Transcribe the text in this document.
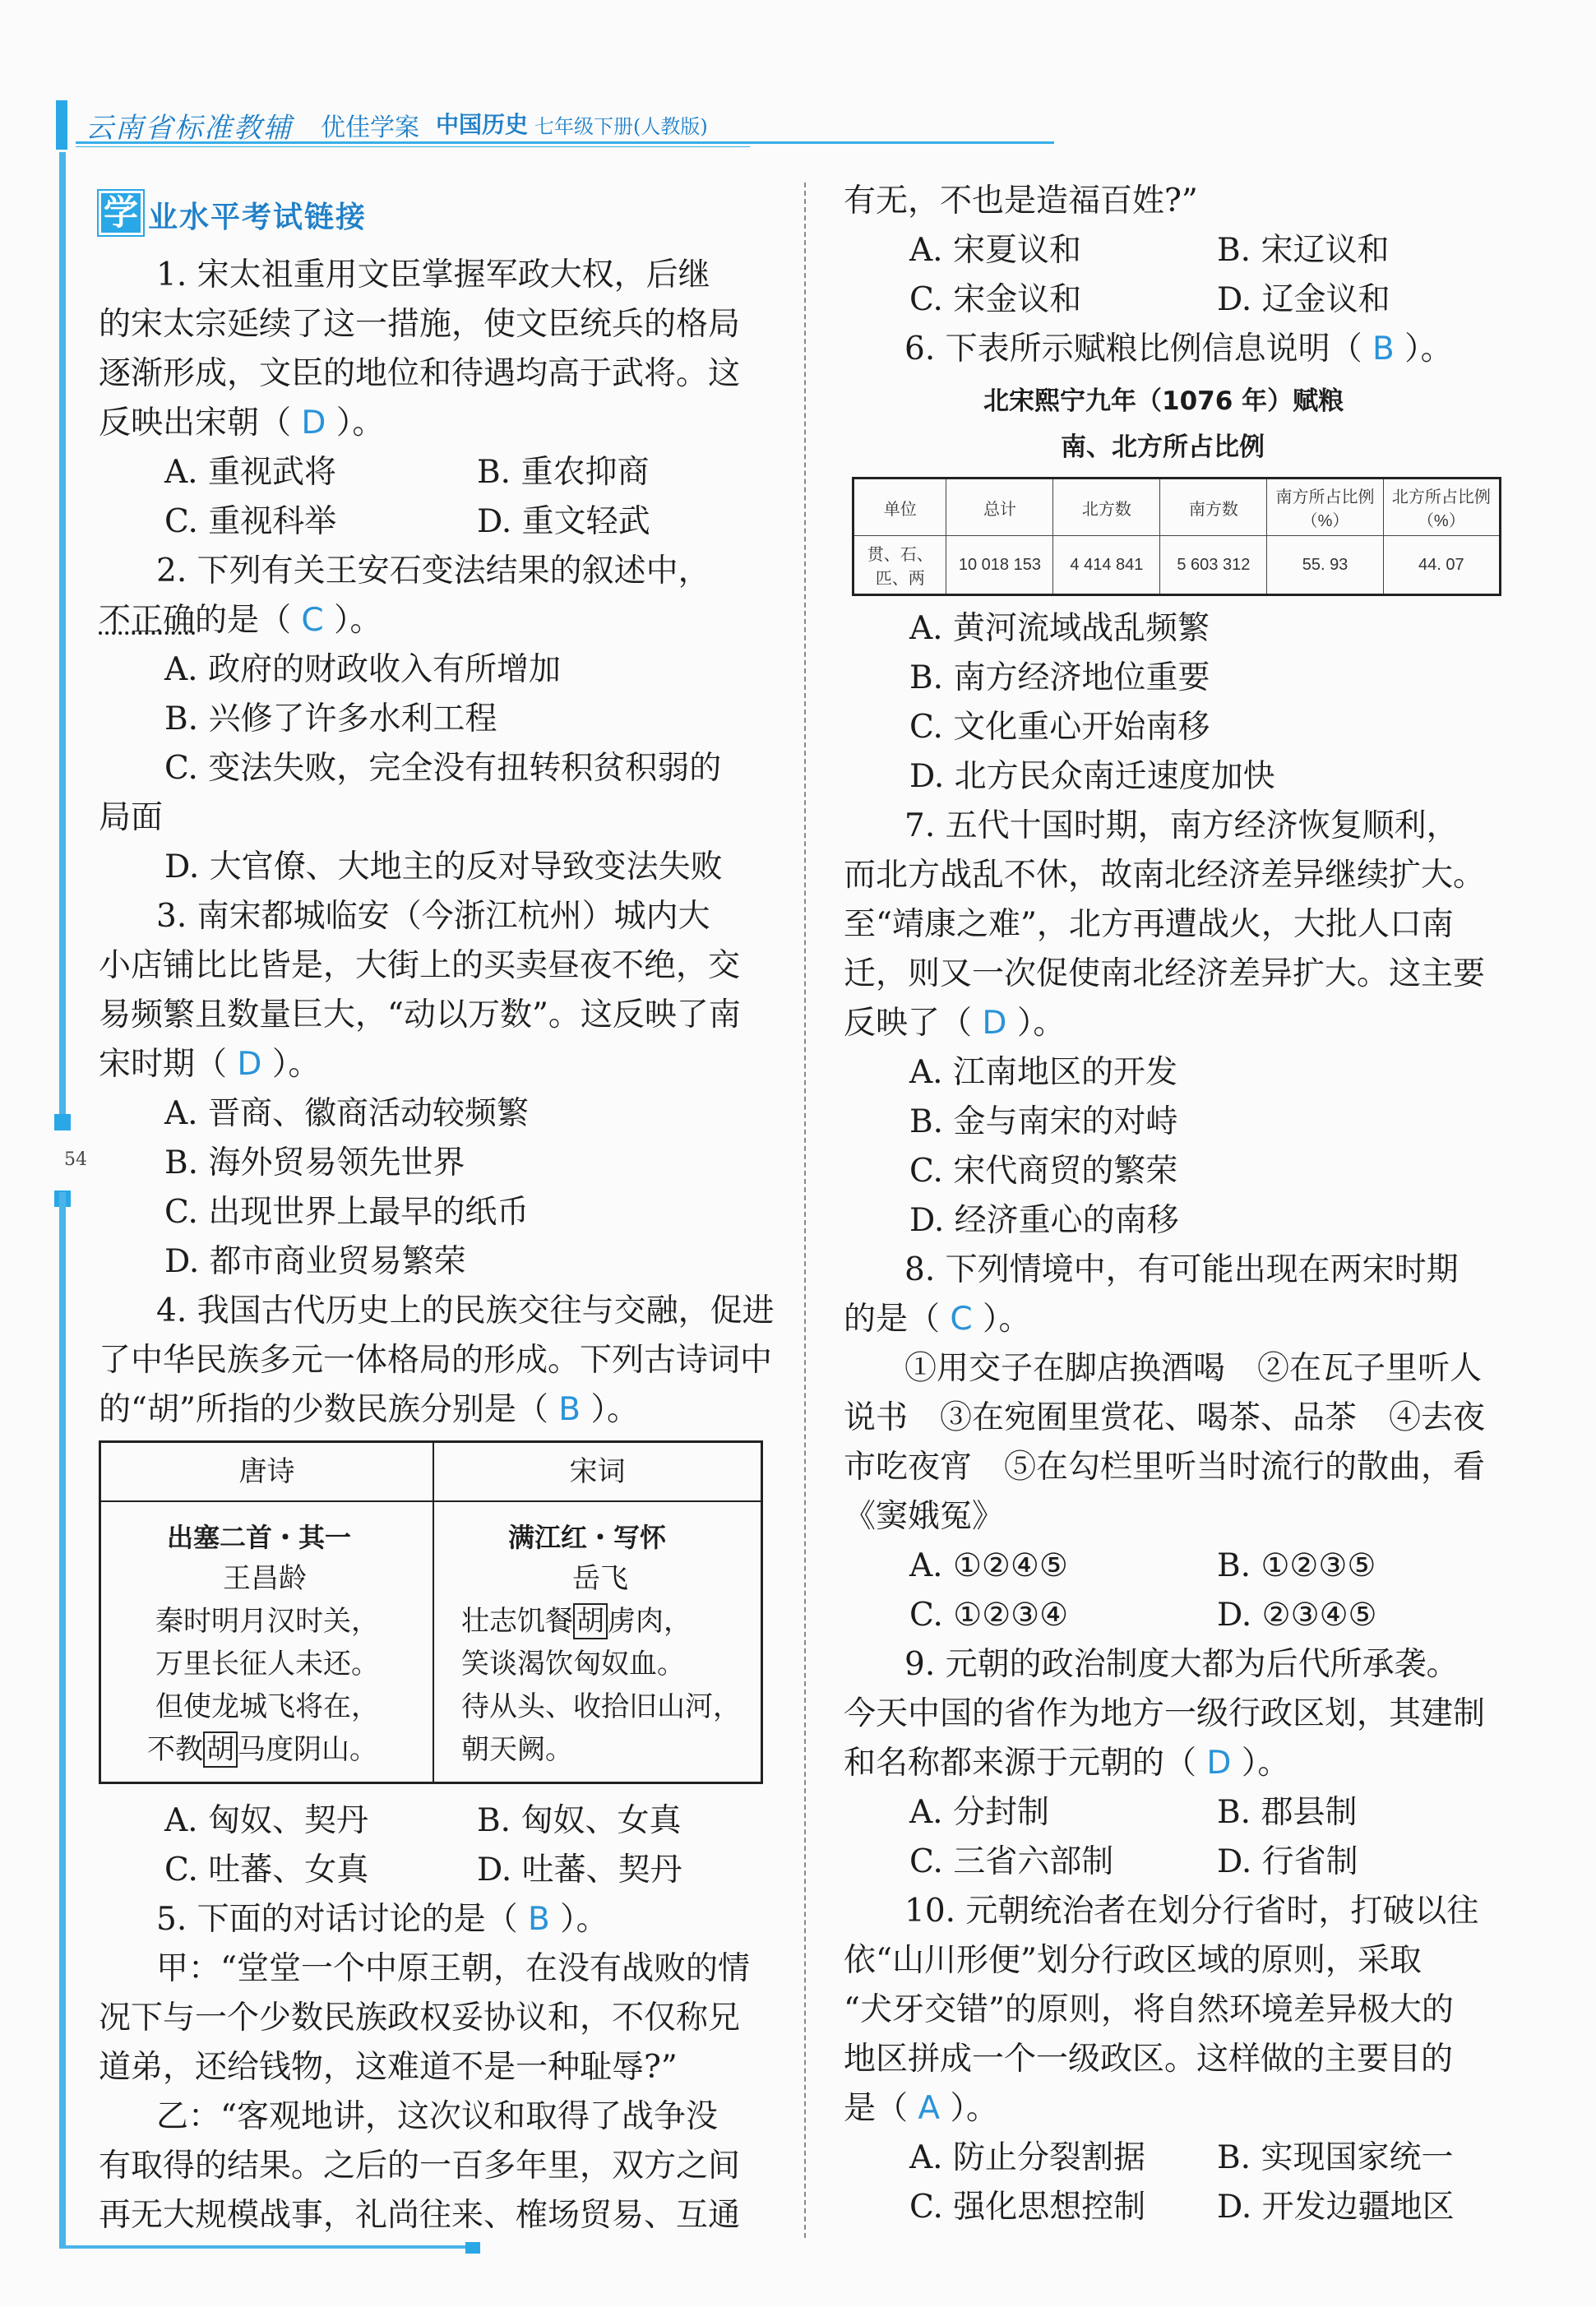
云南省标准教辅 优佳学案 中国历史 七年级下册(人教版)
54
学 业水平考试链接
1. 宋太祖重用文臣掌握军政大权，后继
的宋太宗延续了这一措施，使文臣统兵的格局
逐渐形成，文臣的地位和待遇均高于武将。这
反映出宋朝（ D ）。
A. 重视武将	B. 重农抑商
C. 重视科举	D. 重文轻武
2. 下列有关王安石变法结果的叙述中，
不正确的是（ C ）。
A. 政府的财政收入有所增加
B. 兴修了许多水利工程
C. 变法失败，完全没有扭转积贫积弱的
局面
D. 大官僚、大地主的反对导致变法失败
3. 南宋都城临安（今浙江杭州）城内大
小店铺比比皆是，大街上的买卖昼夜不绝，交
易频繁且数量巨大，“动以万数”。这反映了南
宋时期（ D ）。
A. 晋商、徽商活动较频繁
B. 海外贸易领先世界
C. 出现世界上最早的纸币
D. 都市商业贸易繁荣
4. 我国古代历史上的民族交往与交融，促进
了中华民族多元一体格局的形成。下列古诗词中
的“胡”所指的少数民族分别是（ B ）。
唐诗	宋词
出塞二首・其一
王昌龄
秦时明月汉时关，
万里长征人未还。
但使龙城飞将在，
不教 胡 马度阴山。
满江红・写怀
岳飞
壮志饥餐 胡 虏肉，
笑谈渴饮匈奴血。
待从头、收拾旧山河，
朝天阙。
A. 匈奴、契丹	B. 匈奴、女真
C. 吐蕃、女真	D. 吐蕃、契丹
5. 下面的对话讨论的是（ B ）。
甲：“堂堂一个中原王朝，在没有战败的情
况下与一个少数民族政权妥协议和，不仅称兄
道弟，还给钱物，这难道不是一种耻辱?”
乙：“客观地讲，这次议和取得了战争没
有取得的结果。之后的一百多年里，双方之间
再无大规模战事，礼尚往来、榷场贸易、互通
有无，不也是造福百姓?”
A. 宋夏议和	B. 宋辽议和
C. 宋金议和	D. 辽金议和
6. 下表所示赋粮比例信息说明（ B ）。
北宋熙宁九年（1076 年）赋粮
南、北方所占比例
单位	总计	北方数	南方数	南方所占比例（%）	北方所占比例（%）
贯、石、匹、两	10 018 153	4 414 841	5 603 312	55. 93	44. 07
A. 黄河流域战乱频繁
B. 南方经济地位重要
C. 文化重心开始南移
D. 北方民众南迁速度加快
7. 五代十国时期，南方经济恢复顺利，
而北方战乱不休，故南北经济差异继续扩大。
至“靖康之难”，北方再遭战火，大批人口南
迁，则又一次促使南北经济差异扩大。这主要
反映了（ D ）。
A. 江南地区的开发
B. 金与南宋的对峙
C. 宋代商贸的繁荣
D. 经济重心的南移
8. 下列情境中，有可能出现在两宋时期
的是（ C ）。
①用交子在脚店换酒喝　②在瓦子里听人
说书　③在宛囿里赏花、喝茶、品茶　④去夜
市吃夜宵　⑤在勾栏里听当时流行的散曲，看
《窦娥冤》
A. ①②④⑤	B. ①②③⑤
C. ①②③④	D. ②③④⑤
9. 元朝的政治制度大都为后代所承袭。
今天中国的省作为地方一级行政区划，其建制
和名称都来源于元朝的（ D ）。
A. 分封制	B. 郡县制
C. 三省六部制	D. 行省制
10. 元朝统治者在划分行省时，打破以往
依“山川形便”划分行政区域的原则，采取
“犬牙交错”的原则，将自然环境差异极大的
地区拼成一个一级政区。这样做的主要目的
是（ A ）。
A. 防止分裂割据 B. 实现国家统一
C. 强化思想控制 D. 开发边疆地区
